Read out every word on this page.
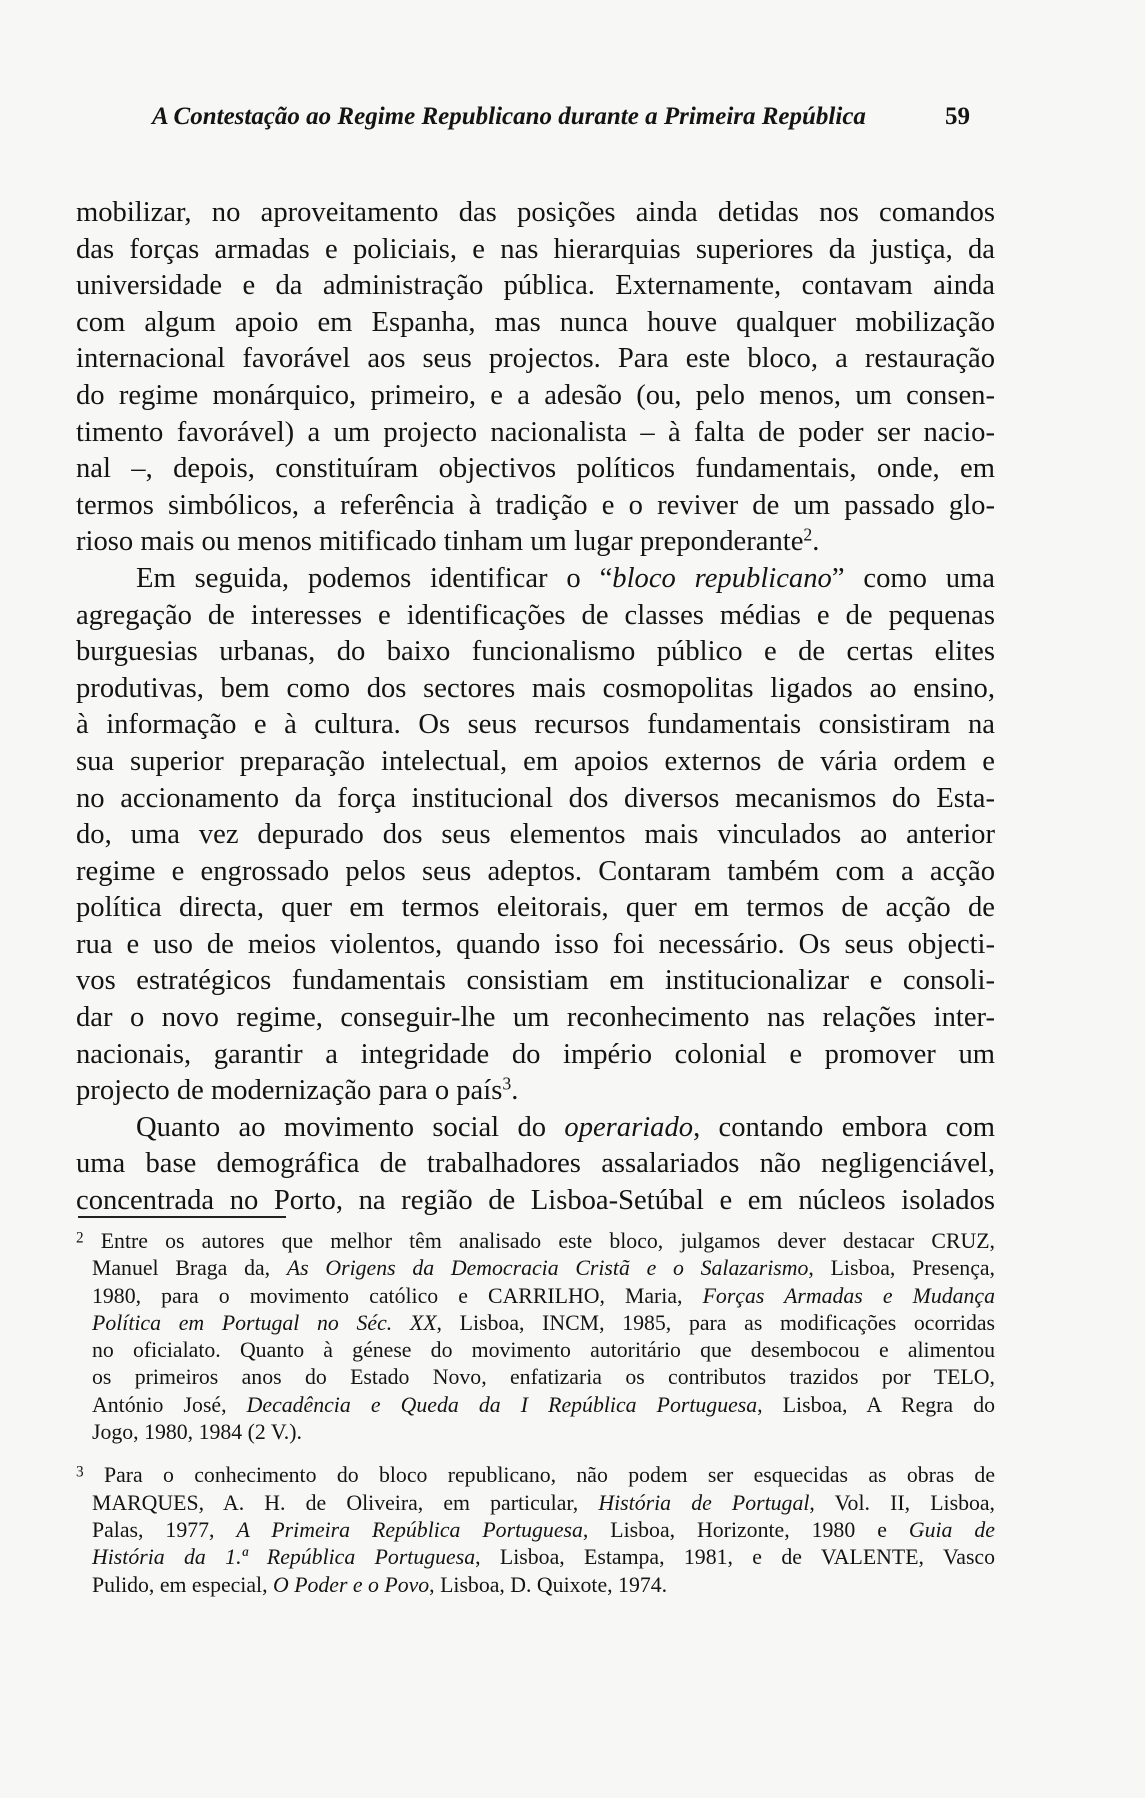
A Contestação ao Regime Republicano durante a Primeira República	59
mobilizar, no aproveitamento das posições ainda detidas nos comandos
das forças armadas e policiais, e nas hierarquias superiores da justiça, da
universidade e da administração pública. Externamente, contavam ainda
com algum apoio em Espanha, mas nunca houve qualquer mobilização
internacional favorável aos seus projectos. Para este bloco, a restauração
do regime monárquico, primeiro, e a adesão (ou, pelo menos, um consen-
timento favorável) a um projecto nacionalista – à falta de poder ser nacio-
nal –, depois, constituíram objectivos políticos fundamentais, onde, em
termos simbólicos, a referência à tradição e o reviver de um passado glo-
rioso mais ou menos mitificado tinham um lugar preponderante$^2$.
Em seguida, podemos identificar o “bloco republicano” como uma
agregação de interesses e identificações de classes médias e de pequenas
burguesias urbanas, do baixo funcionalismo público e de certas elites
produtivas, bem como dos sectores mais cosmopolitas ligados ao ensino,
à informação e à cultura. Os seus recursos fundamentais consistiram na
sua superior preparação intelectual, em apoios externos de vária ordem e
no accionamento da força institucional dos diversos mecanismos do Esta-
do, uma vez depurado dos seus elementos mais vinculados ao anterior
regime e engrossado pelos seus adeptos. Contaram também com a acção
política directa, quer em termos eleitorais, quer em termos de acção de
rua e uso de meios violentos, quando isso foi necessário. Os seus objecti-
vos estratégicos fundamentais consistiam em institucionalizar e consoli-
dar o novo regime, conseguir-lhe um reconhecimento nas relações inter-
nacionais, garantir a integridade do império colonial e promover um
projecto de modernização para o país$^3$.
Quanto ao movimento social do operariado, contando embora com
uma base demográfica de trabalhadores assalariados não negligenciável,
concentrada no Porto, na região de Lisboa-Setúbal e em núcleos isolados
$^2$ Entre os autores que melhor têm analisado este bloco, julgamos dever destacar CRUZ,
Manuel Braga da, As Origens da Democracia Cristã e o Salazarismo, Lisboa, Presença,
1980, para o movimento católico e CARRILHO, Maria, Forças Armadas e Mudança
Política em Portugal no Séc. XX, Lisboa, INCM, 1985, para as modificações ocorridas
no oficialato. Quanto à génese do movimento autoritário que desembocou e alimentou
os primeiros anos do Estado Novo, enfatizaria os contributos trazidos por TELO,
António José, Decadência e Queda da I República Portuguesa, Lisboa, A Regra do
Jogo, 1980, 1984 (2 V.).
$^3$ Para o conhecimento do bloco republicano, não podem ser esquecidas as obras de
MARQUES, A. H. de Oliveira, em particular, História de Portugal, Vol. II, Lisboa,
Palas, 1977, A Primeira República Portuguesa, Lisboa, Horizonte, 1980 e Guia de
História da 1.ª República Portuguesa, Lisboa, Estampa, 1981, e de VALENTE, Vasco
Pulido, em especial, O Poder e o Povo, Lisboa, D. Quixote, 1974.
